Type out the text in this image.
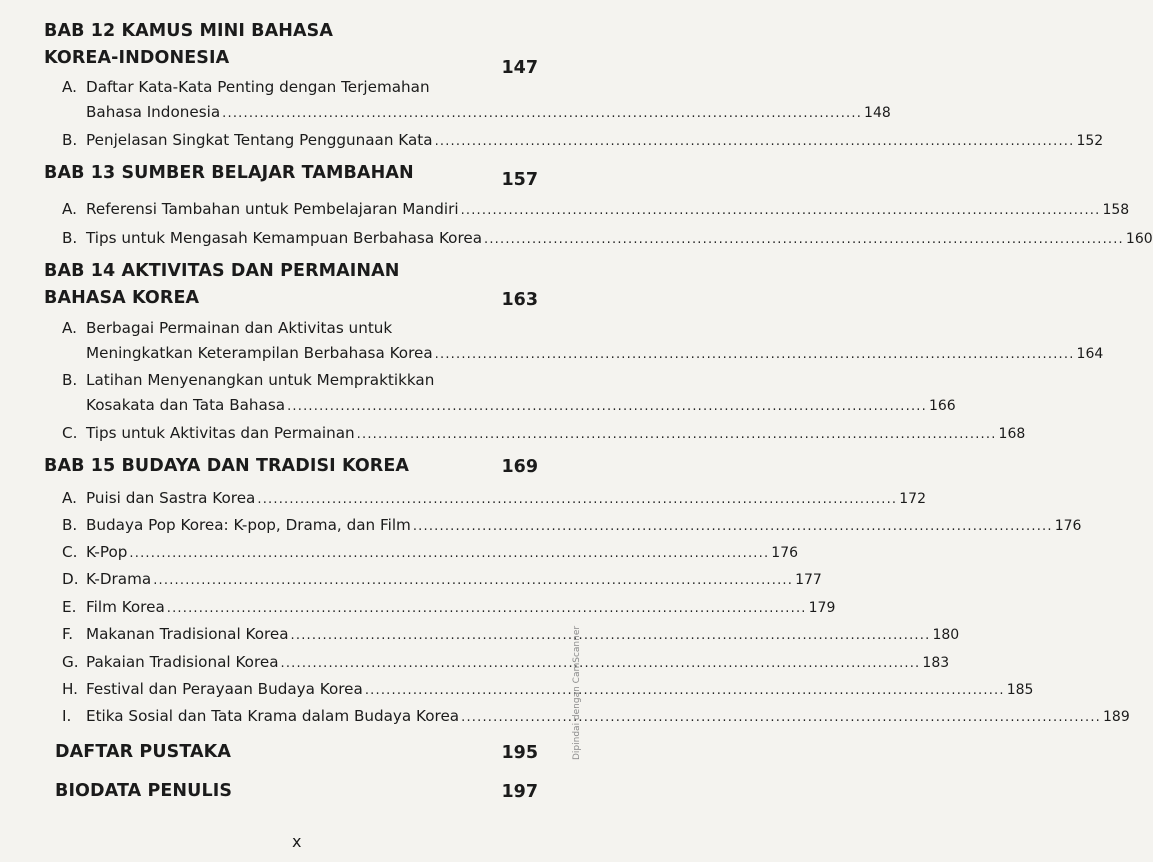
BAB 12 KAMUS MINI BAHASA
KOREA-INDONESIA	147
A. Daftar Kata-Kata Penting dengan Terjemahan
Bahasa Indonesia ........................................................................................................................ 148
B. Penjelasan Singkat Tentang Penggunaan Kata ........................................................................................................................ 152
BAB 13 SUMBER BELAJAR TAMBAHAN	157
A. Referensi Tambahan untuk Pembelajaran Mandiri ........................................................................................................................ 158
B. Tips untuk Mengasah Kemampuan Berbahasa Korea ........................................................................................................................ 160
BAB 14 AKTIVITAS DAN PERMAINAN
BAHASA KOREA	163
A. Berbagai Permainan dan Aktivitas untuk
Meningkatkan Keterampilan Berbahasa Korea ........................................................................................................................ 164
B. Latihan Menyenangkan untuk Mempraktikkan
Kosakata dan Tata Bahasa ........................................................................................................................ 166
C. Tips untuk Aktivitas dan Permainan ........................................................................................................................ 168
BAB 15 BUDAYA DAN TRADISI KOREA	169
A. Puisi dan Sastra Korea ........................................................................................................................ 172
B. Budaya Pop Korea: K-pop, Drama, dan Film ........................................................................................................................ 176
C. K-Pop ........................................................................................................................ 176
D. K-Drama ........................................................................................................................ 177
E. Film Korea ........................................................................................................................ 179
F. Makanan Tradisional Korea ........................................................................................................................ 180
G. Pakaian Tradisional Korea ........................................................................................................................ 183
H. Festival dan Perayaan Budaya Korea ........................................................................................................................ 185
I. Etika Sosial dan Tata Krama dalam Budaya Korea ........................................................................................................................ 189
DAFTAR PUSTAKA	195
BIODATA PENULIS	197
x
Dipindai dengan CamScanner
